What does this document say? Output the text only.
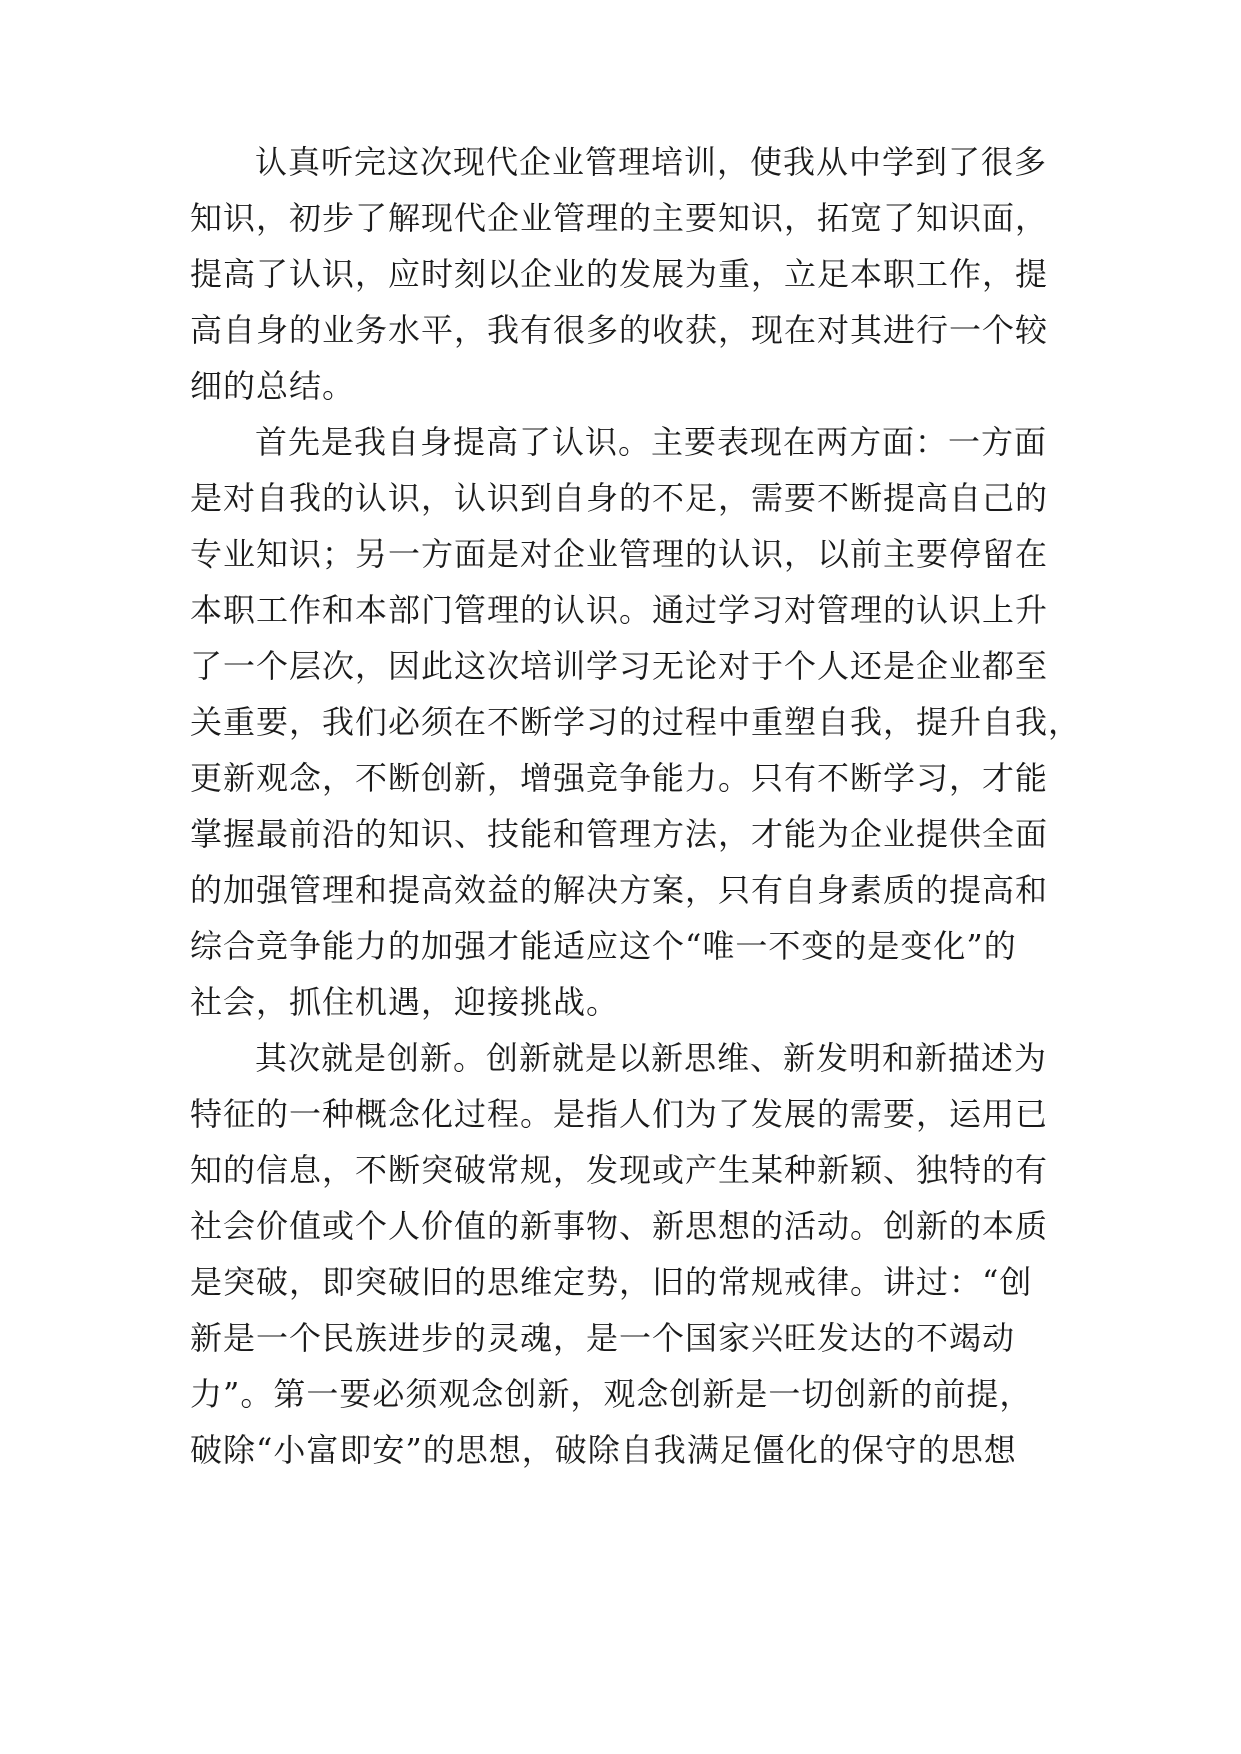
认真听完这次现代企业管理培训，使我从中学到了很多

知识，初步了解现代企业管理的主要知识，拓宽了知识面，

提高了认识，应时刻以企业的发展为重，立足本职工作，提

高自身的业务水平，我有很多的收获，现在对其进行一个较

细的总结。

首先是我自身提高了认识。主要表现在两方面：一方面

是对自我的认识，认识到自身的不足，需要不断提高自己的

专业知识；另一方面是对企业管理的认识，以前主要停留在

本职工作和本部门管理的认识。通过学习对管理的认识上升

了一个层次，因此这次培训学习无论对于个人还是企业都至

关重要，我们必须在不断学习的过程中重塑自我，提升自我，

更新观念，不断创新，增强竞争能力。只有不断学习，才能

掌握最前沿的知识、技能和管理方法，才能为企业提供全面

的加强管理和提高效益的解决方案，只有自身素质的提高和

综合竞争能力的加强才能适应这个“唯一不变的是变化”的

社会，抓住机遇，迎接挑战。

其次就是创新。创新就是以新思维、新发明和新描述为

特征的一种概念化过程。是指人们为了发展的需要，运用已

知的信息，不断突破常规，发现或产生某种新颖、独特的有

社会价值或个人价值的新事物、新思想的活动。创新的本质

是突破，即突破旧的思维定势，旧的常规戒律。讲过：“创

新是一个民族进步的灵魂，是一个国家兴旺发达的不竭动

力”。第一要必须观念创新，观念创新是一切创新的前提，

破除“小富即安”的思想，破除自我满足僵化的保守的思想
